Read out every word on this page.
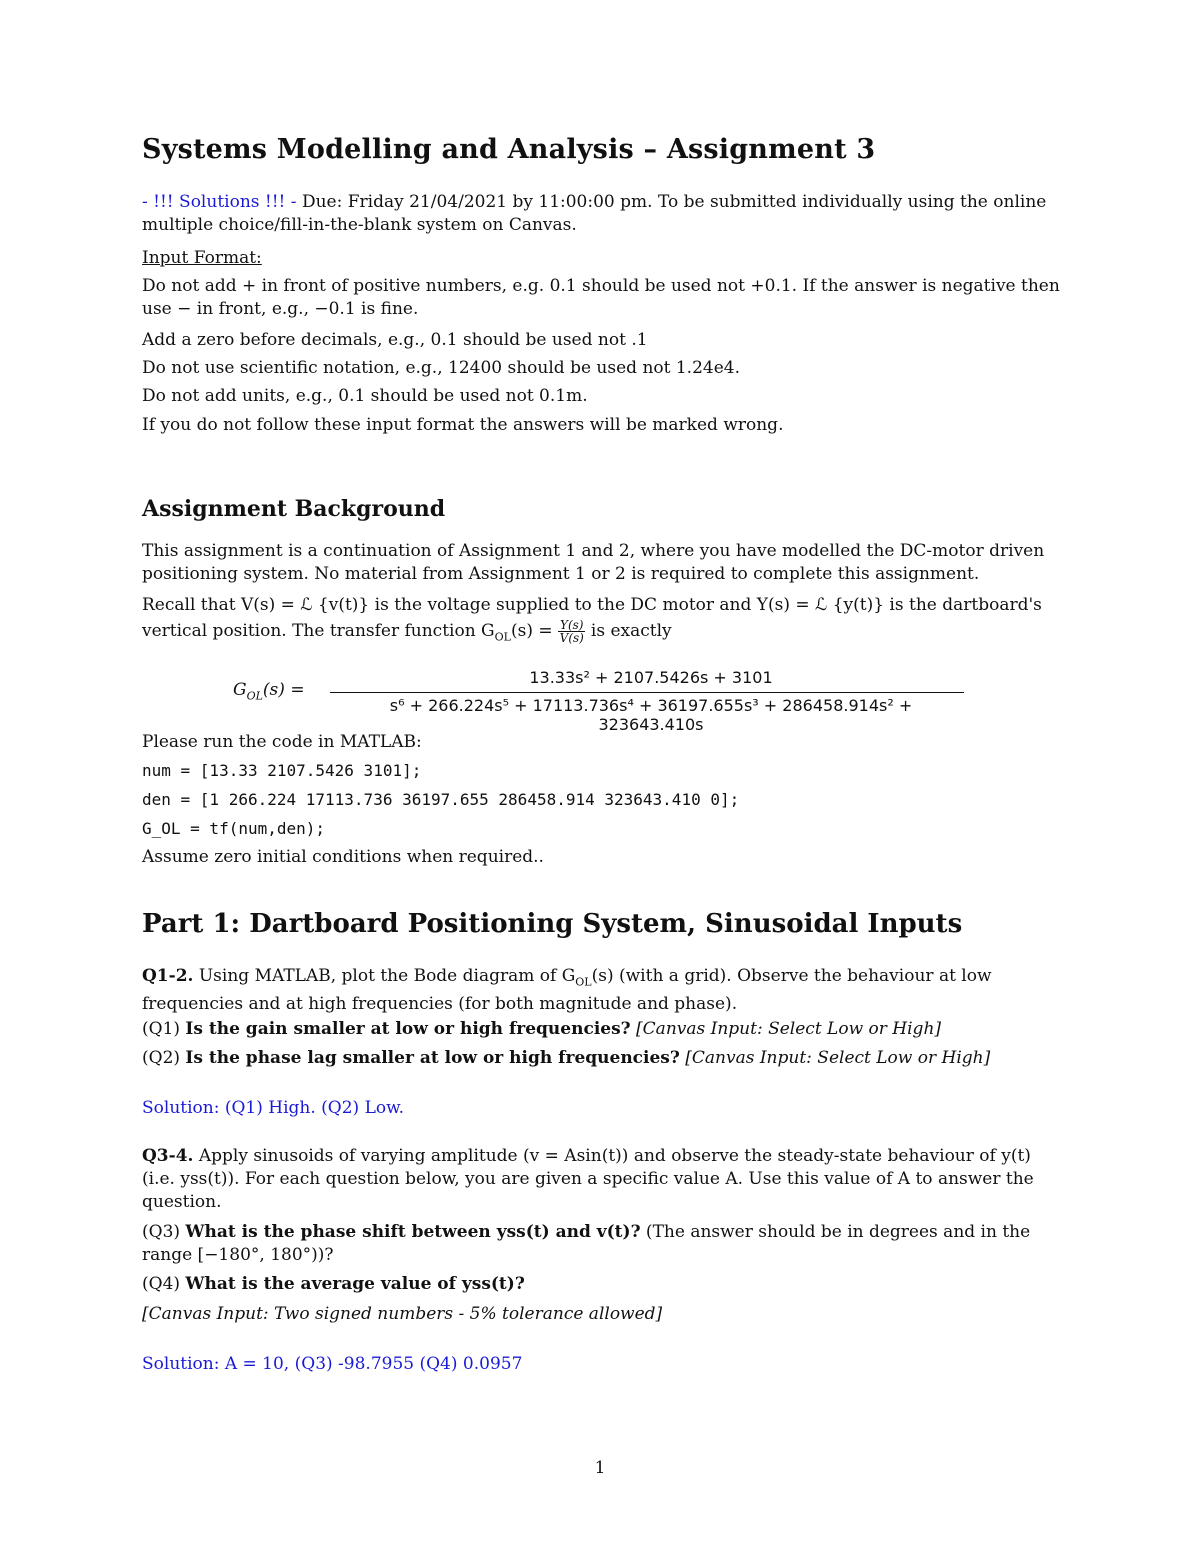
Systems Modelling and Analysis – Assignment 3
- !!! Solutions !!! - Due: Friday 21/04/2021 by 11:00:00 pm. To be submitted individually using the online
multiple choice/fill-in-the-blank system on Canvas.
Input Format:
Do not add + in front of positive numbers, e.g. 0.1 should be used not +0.1. If the answer is negative then
use − in front, e.g., −0.1 is fine.
Add a zero before decimals, e.g., 0.1 should be used not .1
Do not use scientific notation, e.g., 12400 should be used not 1.24e4.
Do not add units, e.g., 0.1 should be used not 0.1m.
If you do not follow these input format the answers will be marked wrong.
Assignment Background
This assignment is a continuation of Assignment 1 and 2, where you have modelled the DC-motor driven
positioning system. No material from Assignment 1 or 2 is required to complete this assignment.
Recall that V(s) = ℒ {v(t)} is the voltage supplied to the DC motor and Y(s) = ℒ {y(t)} is the dartboard's
vertical position. The transfer function $G_{OL}(s) = \frac{Y(s)}{V(s)}$ is exactly
$G_{OL}(s)$ =
13.33s² + 2107.5426s + 3101
s⁶ + 266.224s⁵ + 17113.736s⁴ + 36197.655s³ + 286458.914s² + 323643.410s
Please run the code in MATLAB:
num = [13.33 2107.5426 3101];
den = [1 266.224 17113.736 36197.655 286458.914 323643.410 0];
G_OL = tf(num,den);
Assume zero initial conditions when required..
Part 1: Dartboard Positioning System, Sinusoidal Inputs
Q1-2. Using MATLAB, plot the Bode diagram of $G_{OL}(s)$ (with a grid). Observe the behaviour at low
frequencies and at high frequencies (for both magnitude and phase).
(Q1) Is the gain smaller at low or high frequencies? [Canvas Input: Select Low or High]
(Q2) Is the phase lag smaller at low or high frequencies? [Canvas Input: Select Low or High]
Solution: (Q1) High. (Q2) Low.
Q3-4. Apply sinusoids of varying amplitude (v = Asin(t)) and observe the steady-state behaviour of y(t)
(i.e. yss(t)). For each question below, you are given a specific value A. Use this value of A to answer the
question.
(Q3) What is the phase shift between yss(t) and v(t)? (The answer should be in degrees and in the
range [−180°, 180°))?
(Q4) What is the average value of yss(t)?
[Canvas Input: Two signed numbers - 5% tolerance allowed]
Solution: A = 10, (Q3) -98.7955 (Q4) 0.0957
1
